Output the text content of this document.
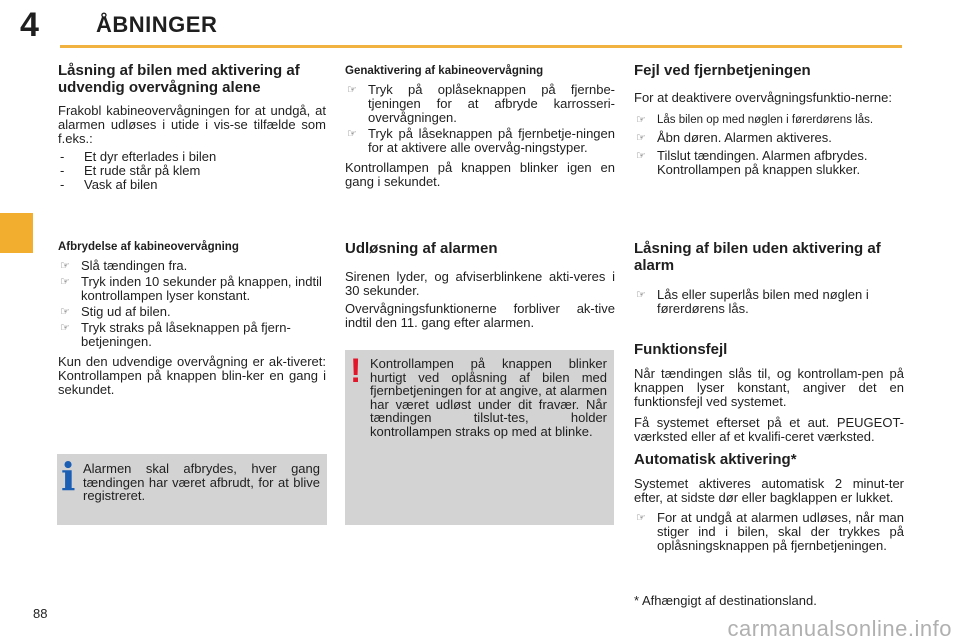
4	ÅBNINGER
Låsning af bilen med aktivering af udvendig overvågning alene

Frakobl kabineovervågningen for at undgå, at alarmen udløses i utide i vis-se tilfælde som f.eks.:

- Et dyr efterlades i bilen
- Et rude står på klem
- Vask af bilen
Afbrydelse af kabineovervågning
☞ Slå tændingen fra.
☞ Tryk inden 10 sekunder på knappen, indtil kontrollampen lyser konstant.
☞ Stig ud af bilen.
☞ Tryk straks på låseknappen på fjern-betjeningen.

Kun den udvendige overvågning er ak-tiveret: Kontrollampen på knappen blin-ker en gang i sekundet.

i Alarmen skal afbrydes, hver gang tændingen har været afbrudt, for at blive registreret.
Genaktivering af kabineovervågning
☞ Tryk på oplåseknappen på fjernbe-tjeningen for at afbryde karrosseri-overvågningen.
☞ Tryk på låseknappen på fjernbetje-ningen for at aktivere alle overvåg-ningstyper.

Kontrollampen på knappen blinker igen en gang i sekundet.

Udløsning af alarmen

Sirenen lyder, og afviserblinkene akti-veres i 30 sekunder.

Overvågningsfunktionerne forbliver ak-tive indtil den 11. gang efter alarmen.

! Kontrollampen på knappen blinker hurtigt ved oplåsning af bilen med fjernbetjeningen for at angive, at alarmen har været udløst under dit fravær. Når tændingen tilslut-tes, holder kontrollampen straks op med at blinke.
Fejl ved fjernbetjeningen

For at deaktivere overvågningsfunktio-nerne:

☞ Lås bilen op med nøglen i førerdørens lås.
☞ Åbn døren. Alarmen aktiveres.
☞ Tilslut tændingen. Alarmen afbrydes. Kontrollampen på knappen slukker.
Låsning af bilen uden aktivering af alarm
☞ Lås eller superlås bilen med nøglen i førerdørens lås.
Funktionsfejl

Når tændingen slås til, og kontrollam-pen på knappen lyser konstant, angiver det en funktionsfejl ved systemet.

Få systemet efterset på et aut. PEUGEOT-værksted eller af et kvalifi-ceret værksted.

Automatisk aktivering*

Systemet aktiveres automatisk 2 minut-ter efter, at sidste dør eller bagklappen er lukket.

☞ For at undgå at alarmen udløses, når man stiger ind i bilen, skal der trykkes på oplåsningsknappen på fjernbetjeningen.
* Afhængigt af destinationsland.
88
carmanualsonline.info
